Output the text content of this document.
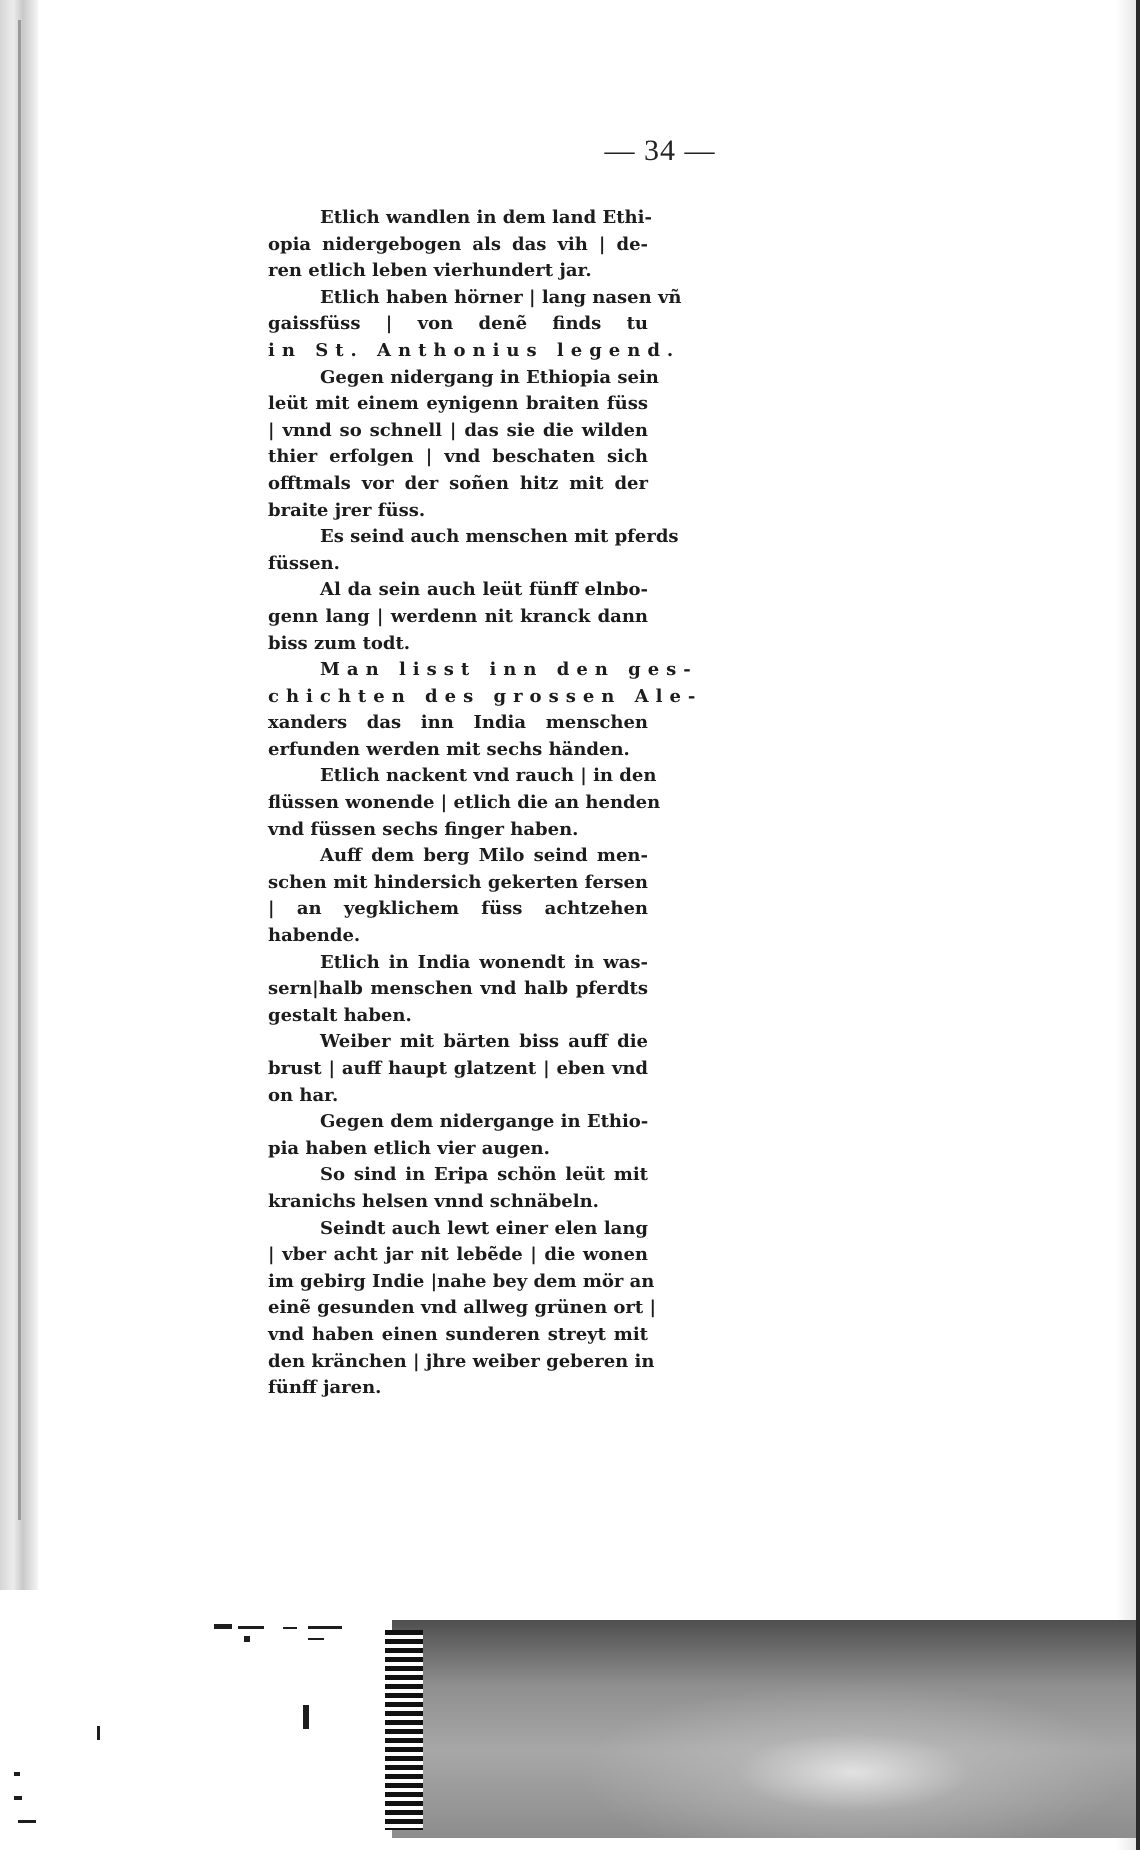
— 34 —
Etlich wandlen in dem land Ethi-
opia nidergebogen als das vih | de-
ren etlich leben vierhundert jar.
Etlich haben hörner | lang nasen vñ
gaissfüss | von denẽ finds tu
in St. Anthonius legend.
Gegen nidergang in Ethiopia sein
leüt mit einem eynigenn braiten füss
| vnnd so schnell | das sie die wilden
thier erfolgen | vnd beschaten sich
offtmals vor der soñen hitz mit der
braite jrer füss.
Es seind auch menschen mit pferds
füssen.
Al da sein auch leüt fünff elnbo-
genn lang | werdenn nit kranck dann
biss zum todt.
Man lisst inn den ges-
chichten des grossen Ale-
xanders das inn India menschen
erfunden werden mit sechs händen.
Etlich nackent vnd rauch | in den
flüssen wonende | etlich die an henden
vnd füssen sechs finger haben.
Auff dem berg Milo seind men-
schen mit hindersich gekerten fersen
| an yegklichem füss achtzehen
habende.
Etlich in India wonendt in was-
sern|halb menschen vnd halb pferdts
gestalt haben.
Weiber mit bärten biss auff die
brust | auff haupt glatzent | eben vnd
on har.
Gegen dem nidergange in Ethio-
pia haben etlich vier augen.
So sind in Eripa schön leüt mit
kranichs helsen vnnd schnäbeln.
Seindt auch lewt einer elen lang
| vber acht jar nit lebẽde | die wonen
im gebirg Indie |nahe bey dem mör an
einẽ gesunden vnd allweg grünen ort |
vnd haben einen sunderen streyt mit
den kränchen | jhre weiber geberen in
fünff jaren.
